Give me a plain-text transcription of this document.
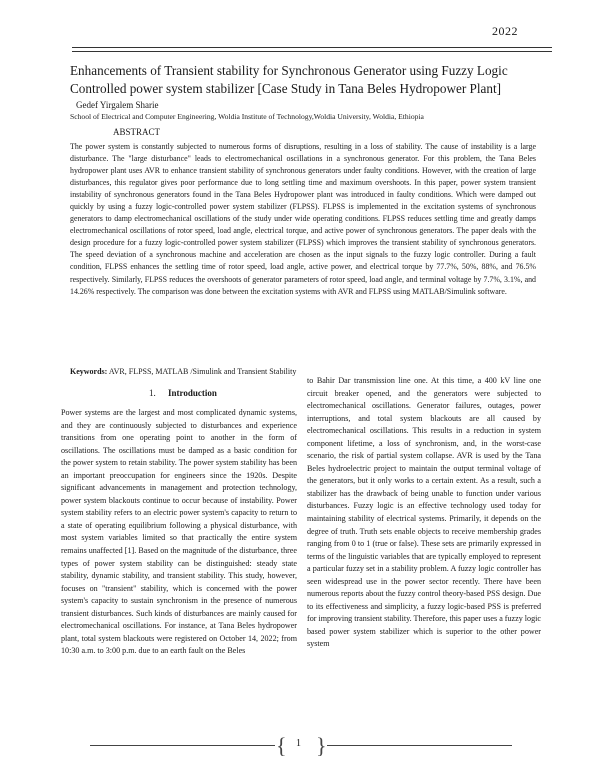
2022
Enhancements of Transient stability for Synchronous Generator using Fuzzy Logic Controlled power system stabilizer [Case Study in Tana Beles Hydropower Plant]
Gedef Yirgalem Sharie
School of Electrical and Computer Engineering, Woldia Institute of Technology,Woldia University, Woldia, Ethiopia
ABSTRACT

The power system is constantly subjected to numerous forms of disruptions, resulting in a loss of stability. The cause of instability is a large disturbance. The "large disturbance" leads to electromechanical oscillations in a synchronous generator. For this problem, the Tana Beles hydropower plant uses AVR to enhance transient stability of synchronous generators under faulty conditions. However, with the creation of large disturbances, this regulator gives poor performance due to long settling time and maximum overshoots. In this paper, power system transient instability of synchronous generators found in the Tana Beles Hydropower plant was introduced in faulty conditions. Which were damped out quickly by using a fuzzy logic-controlled power system stabilizer (FLPSS). FLPSS is implemented in the excitation systems of synchronous generators to damp electromechanical oscillations of the study under wide operating conditions. FLPSS reduces settling time and greatly damps electromechanical oscillations of rotor speed, load angle, electrical torque, and active power of synchronous generators. The paper deals with the design procedure for a fuzzy logic-controlled power system stabilizer (FLPSS) which improves the transient stability of synchronous generators. The speed deviation of a synchronous machine and acceleration are chosen as the input signals to the fuzzy logic controller. During a fault condition, FLPSS enhances the settling time of rotor speed, load angle, active power, and electrical torque by 77.7%, 50%, 88%, and 76.5% respectively. Similarly, FLPSS reduces the overshoots of generator parameters of rotor speed, load angle, and terminal voltage by 7.7%, 3.1%, and 14.26% respectively. The comparison was done between the excitation systems with AVR and FLPSS using MATLAB/Simulink software.

Keywords: AVR, FLPSS, MATLAB /Simulink and Transient Stability
1. Introduction

Power systems are the largest and most complicated dynamic systems, and they are continuously subjected to disturbances and experience transitions from one operating point to another in the form of oscillations. The oscillations must be damped as a basic condition for the power system to retain stability. The power system stability has been an important preoccupation for engineers since the 1920s. Despite significant advancements in management and protection technology, power system blackouts continue to occur because of instability. Power system stability refers to an electric power system's capacity to return to a state of operating equilibrium following a physical disturbance, with most system variables limited so that practically the entire system remains unaffected [1]. Based on the magnitude of the disturbance, three types of power system stability can be distinguished: steady state stability, dynamic stability, and transient stability. This study, however, focuses on "transient" stability, which is concerned with the power system's capacity to sustain synchronism in the presence of numerous transient disturbances. Such kinds of disturbances are mainly caused for electromechanical oscillations. For instance, at Tana Beles hydropower plant, total system blackouts were registered on October 14, 2022; from 10:30 a.m. to 3:00 p.m. due to an earth fault on the Beles

to Bahir Dar transmission line one. At this time, a 400 kV line one circuit breaker opened, and the generators were subjected to electromechanical oscillations. Generator failures, outages, power interruptions, and total system blackouts are all caused by electromechanical oscillations. This results in a reduction in system component lifetime, a loss of synchronism, and, in the worst-case scenario, the risk of partial system collapse. AVR is used by the Tana Beles hydroelectric project to maintain the output terminal voltage of the generators, but it only works to a certain extent. As a result, such a stabilizer has the drawback of being unable to function under various disturbances. Fuzzy logic is an effective technology used today for maintaining stability of electrical systems. Primarily, it depends on the degree of truth. Truth sets enable objects to receive membership grades ranging from 0 to 1 (true or false). These sets are primarily expressed in terms of the linguistic variables that are typically employed to represent a particular fuzzy set in a stability problem. A fuzzy logic controller has seen widespread use in the power sector recently. There have been numerous reports about the fuzzy control theory-based PSS design. Due to its effectiveness and simplicity, a fuzzy logic-based PSS is preferred for improving transient stability. Therefore, this paper uses a fuzzy logic based power system stabilizer which is superior to the other power system

{ 1 }
